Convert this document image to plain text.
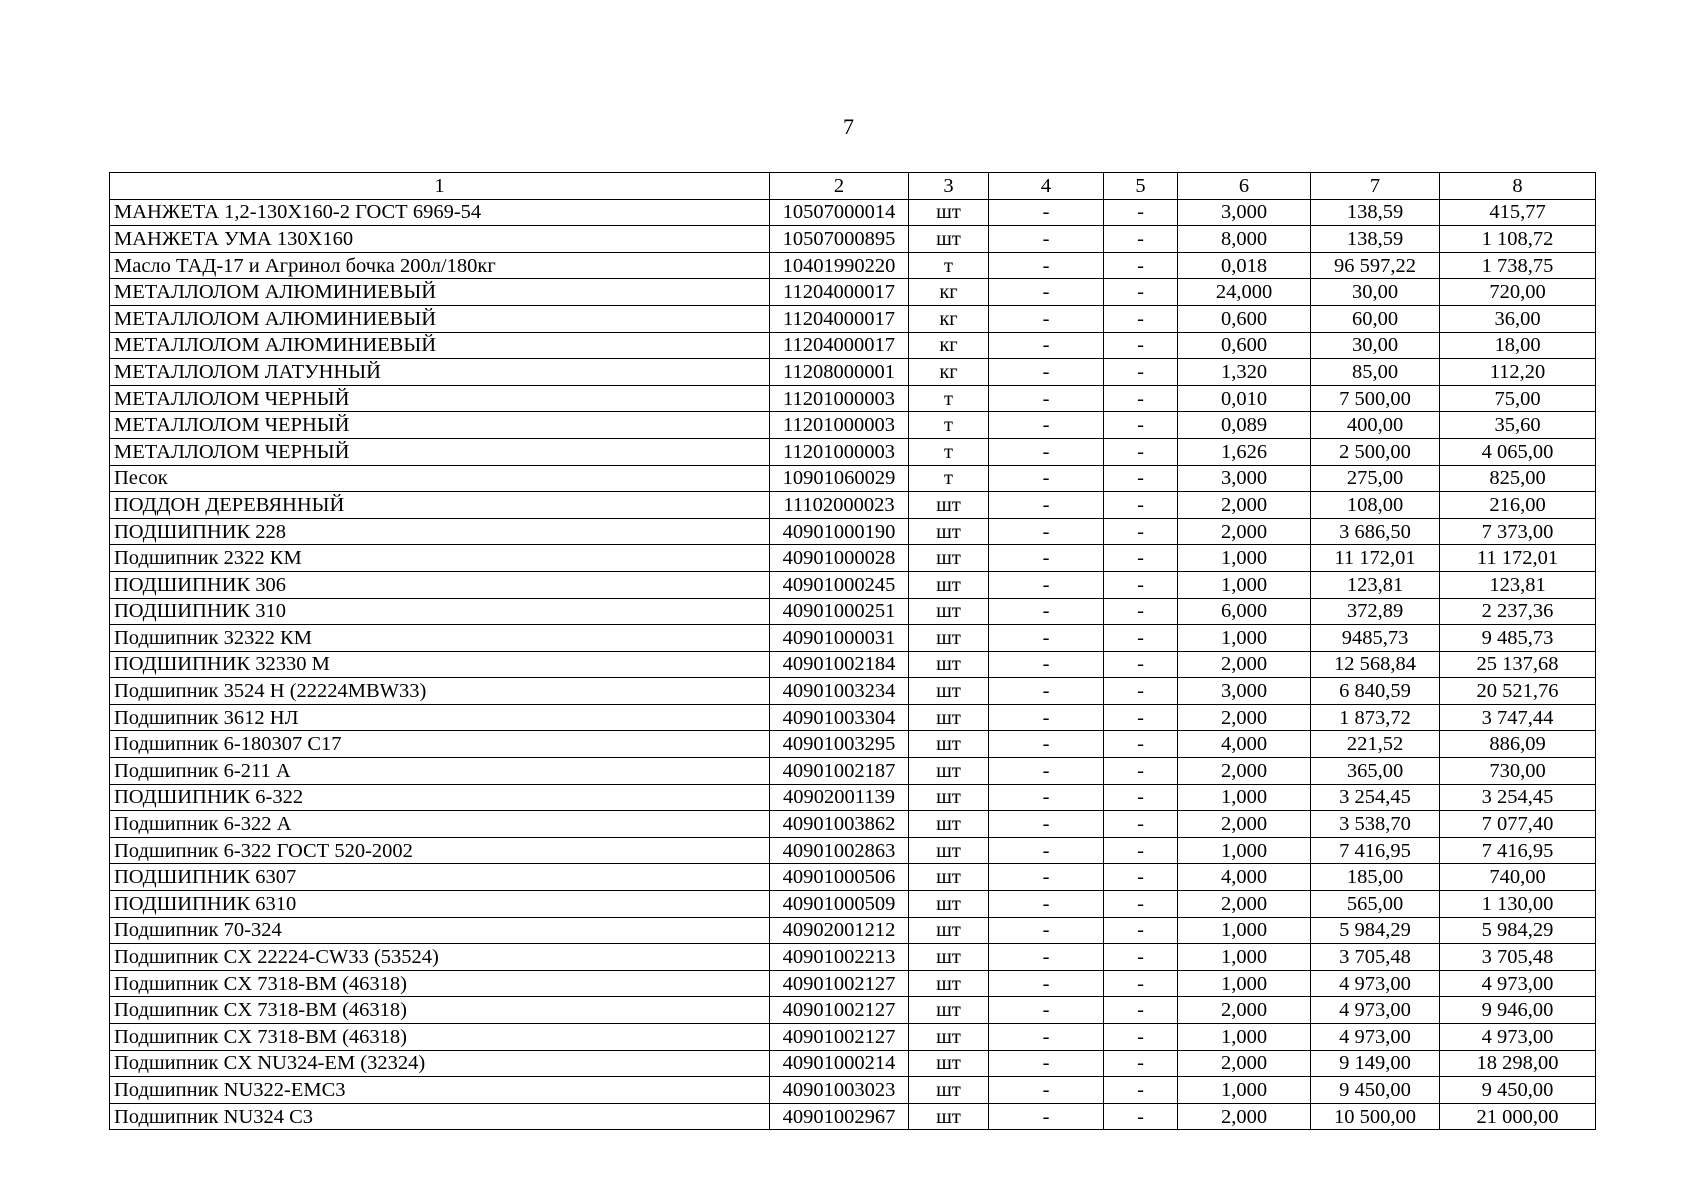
7
1	2	3	4	5	6	7	8
МАНЖЕТА 1,2-130Х160-2 ГОСТ 6969-54	10507000014	шт	-	-	3,000	138,59	415,77
МАНЖЕТА УМА 130Х160	10507000895	шт	-	-	8,000	138,59	1 108,72
Масло ТАД-17 и Агринол бочка 200л/180кг	10401990220	т	-	-	0,018	96 597,22	1 738,75
МЕТАЛЛОЛОМ АЛЮМИНИЕВЫЙ	11204000017	кг	-	-	24,000	30,00	720,00
МЕТАЛЛОЛОМ АЛЮМИНИЕВЫЙ	11204000017	кг	-	-	0,600	60,00	36,00
МЕТАЛЛОЛОМ АЛЮМИНИЕВЫЙ	11204000017	кг	-	-	0,600	30,00	18,00
МЕТАЛЛОЛОМ ЛАТУННЫЙ	11208000001	кг	-	-	1,320	85,00	112,20
МЕТАЛЛОЛОМ ЧЕРНЫЙ	11201000003	т	-	-	0,010	7 500,00	75,00
МЕТАЛЛОЛОМ ЧЕРНЫЙ	11201000003	т	-	-	0,089	400,00	35,60
МЕТАЛЛОЛОМ ЧЕРНЫЙ	11201000003	т	-	-	1,626	2 500,00	4 065,00
Песок	10901060029	т	-	-	3,000	275,00	825,00
ПОДДОН ДЕРЕВЯННЫЙ	11102000023	шт	-	-	2,000	108,00	216,00
ПОДШИПНИК 228	40901000190	шт	-	-	2,000	3 686,50	7 373,00
Подшипник 2322 КМ	40901000028	шт	-	-	1,000	11 172,01	11 172,01
ПОДШИПНИК 306	40901000245	шт	-	-	1,000	123,81	123,81
ПОДШИПНИК 310	40901000251	шт	-	-	6,000	372,89	2 237,36
Подшипник 32322 КМ	40901000031	шт	-	-	1,000	9485,73	9 485,73
ПОДШИПНИК 32330 М	40901002184	шт	-	-	2,000	12 568,84	25 137,68
Подшипник 3524 Н (22224MBW33)	40901003234	шт	-	-	3,000	6 840,59	20 521,76
Подшипник 3612 НЛ	40901003304	шт	-	-	2,000	1 873,72	3 747,44
Подшипник 6-180307 С17	40901003295	шт	-	-	4,000	221,52	886,09
Подшипник 6-211 А	40901002187	шт	-	-	2,000	365,00	730,00
ПОДШИПНИК 6-322	40902001139	шт	-	-	1,000	3 254,45	3 254,45
Подшипник 6-322 А	40901003862	шт	-	-	2,000	3 538,70	7 077,40
Подшипник 6-322 ГОСТ 520-2002	40901002863	шт	-	-	1,000	7 416,95	7 416,95
ПОДШИПНИК 6307	40901000506	шт	-	-	4,000	185,00	740,00
ПОДШИПНИК 6310	40901000509	шт	-	-	2,000	565,00	1 130,00
Подшипник 70-324	40902001212	шт	-	-	1,000	5 984,29	5 984,29
Подшипник CX 22224-CW33 (53524)	40901002213	шт	-	-	1,000	3 705,48	3 705,48
Подшипник CX 7318-BM (46318)	40901002127	шт	-	-	1,000	4 973,00	4 973,00
Подшипник CX 7318-BM (46318)	40901002127	шт	-	-	2,000	4 973,00	9 946,00
Подшипник CX 7318-BM (46318)	40901002127	шт	-	-	1,000	4 973,00	4 973,00
Подшипник CX NU324-EM (32324)	40901000214	шт	-	-	2,000	9 149,00	18 298,00
Подшипник NU322-EMC3	40901003023	шт	-	-	1,000	9 450,00	9 450,00
Подшипник NU324 C3	40901002967	шт	-	-	2,000	10 500,00	21 000,00
